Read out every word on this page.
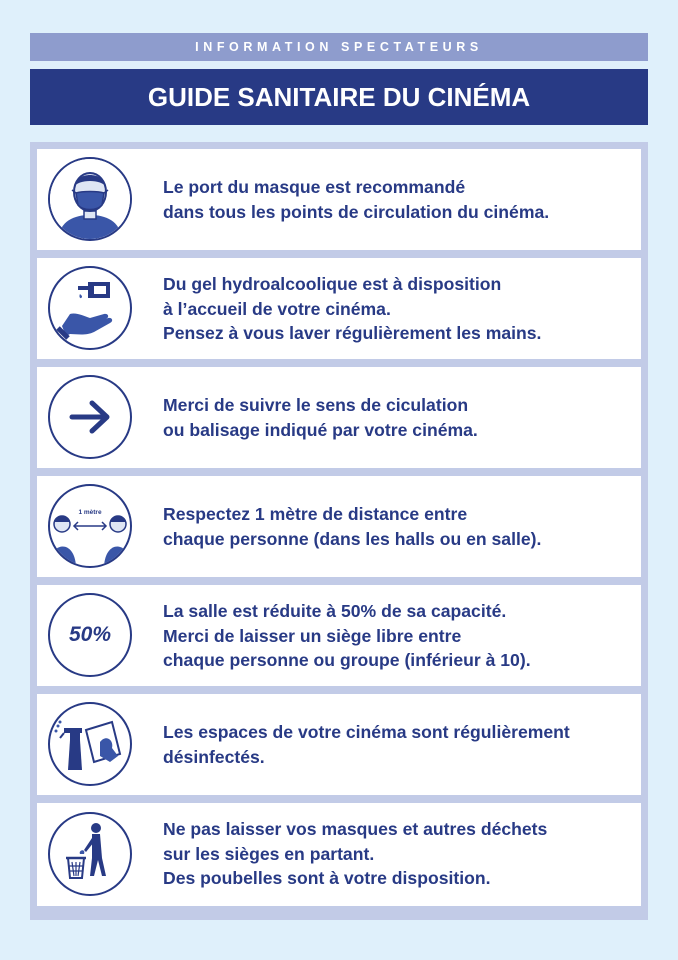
INFORMATION SPECTATEURS
GUIDE SANITAIRE DU CINÉMA
Le port du masque est recommandé
dans tous les points de circulation du cinéma.
Du gel hydroalcoolique est à disposition
à l’accueil de votre cinéma.
Pensez à vous laver régulièrement les mains.
Merci de suivre le sens de ciculation
ou balisage indiqué par votre cinéma.
1 mètre	Respectez 1 mètre de distance entre
chaque personne (dans les halls ou en salle).
50%
La salle est réduite à 50% de sa capacité.
Merci de laisser un siège libre entre
chaque personne ou groupe (inférieur à 10).
Les espaces de votre cinéma sont régulièrement
désinfectés.
Ne pas laisser vos masques et autres déchets
sur les sièges en partant.
Des poubelles sont à votre disposition.
